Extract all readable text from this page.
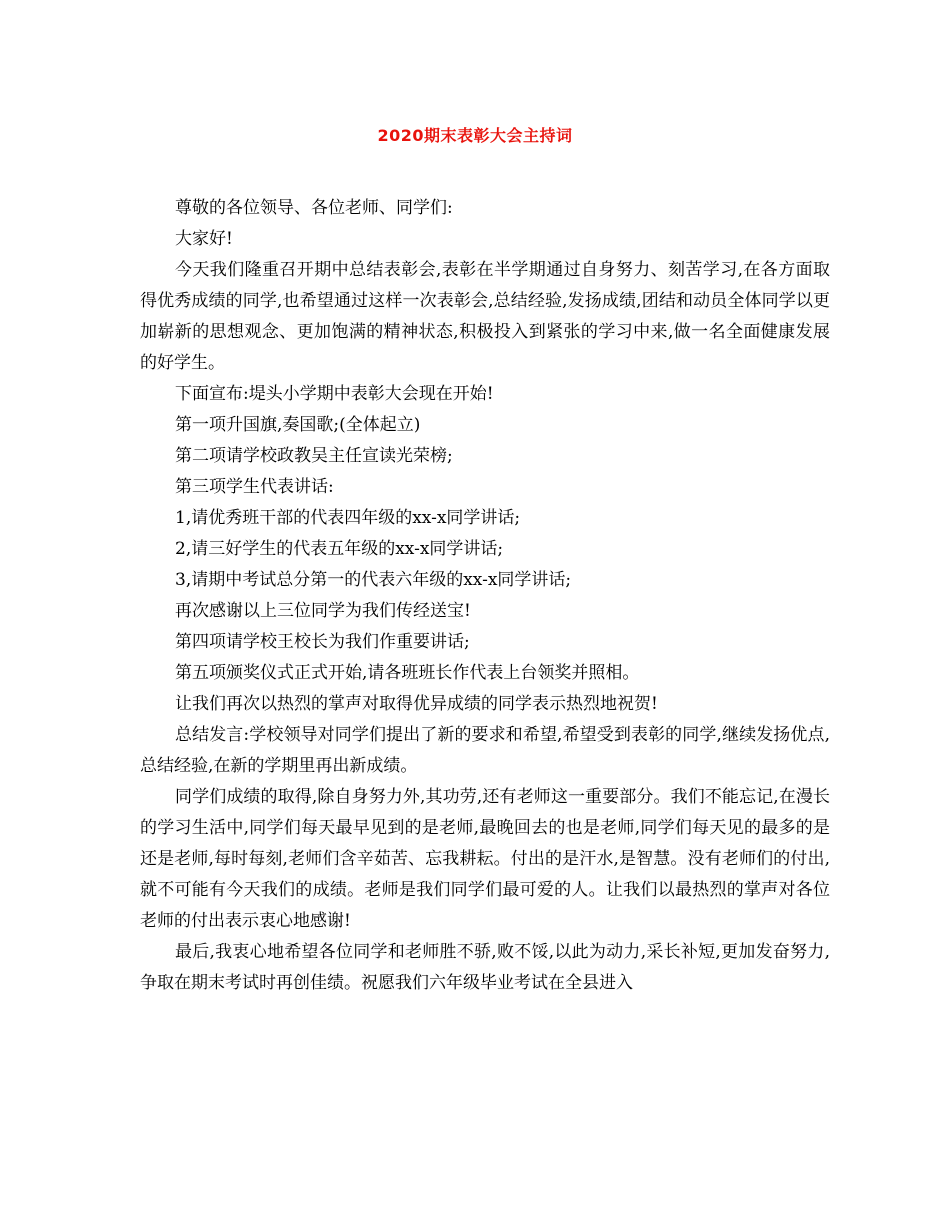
2020期末表彰大会主持词

尊敬的各位领导、各位老师、同学们:

大家好!

今天我们隆重召开期中总结表彰会,表彰在半学期通过自身努力、刻苦学习,在各方面取得优秀成绩的同学,也希望通过这样一次表彰会,总结经验,发扬成绩,团结和动员全体同学以更加崭新的思想观念、更加饱满的精神状态,积极投入到紧张的学习中来,做一名全面健康发展的好学生。

下面宣布:堤头小学期中表彰大会现在开始!

第一项升国旗,奏国歌;(全体起立)

第二项请学校政教吴主任宣读光荣榜;

第三项学生代表讲话:

1,请优秀班干部的代表四年级的xx-x同学讲话;

2,请三好学生的代表五年级的xx-x同学讲话;

3,请期中考试总分第一的代表六年级的xx-x同学讲话;

再次感谢以上三位同学为我们传经送宝!

第四项请学校王校长为我们作重要讲话;

第五项颁奖仪式正式开始,请各班班长作代表上台领奖并照相。

让我们再次以热烈的掌声对取得优异成绩的同学表示热烈地祝贺!

总结发言:学校领导对同学们提出了新的要求和希望,希望受到表彰的同学,继续发扬优点,总结经验,在新的学期里再出新成绩。

同学们成绩的取得,除自身努力外,其功劳,还有老师这一重要部分。我们不能忘记,在漫长的学习生活中,同学们每天最早见到的是老师,最晚回去的也是老师,同学们每天见的最多的是还是老师,每时每刻,老师们含辛茹苦、忘我耕耘。付出的是汗水,是智慧。没有老师们的付出,就不可能有今天我们的成绩。老师是我们同学们最可爱的人。让我们以最热烈的掌声对各位老师的付出表示衷心地感谢!

最后,我衷心地希望各位同学和老师胜不骄,败不馁,以此为动力,采长补短,更加发奋努力,争取在期末考试时再创佳绩。祝愿我们六年级毕业考试在全县进入
